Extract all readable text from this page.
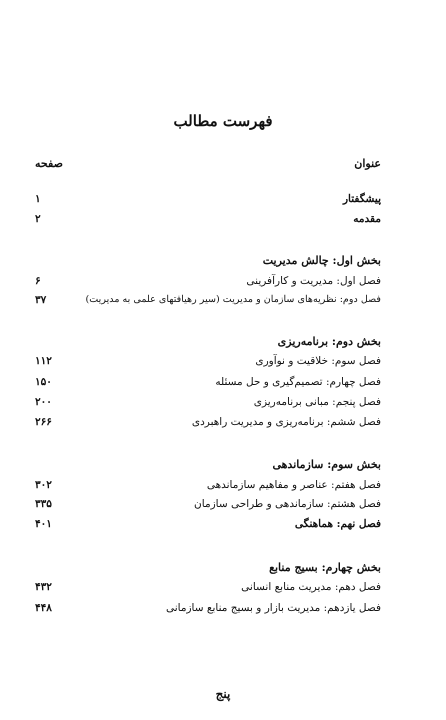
فهرست مطالب
عنوان
صفحه
پیشگفتار
۱
مقدمه
۲
بخش اول: چالش مدیریت
فصل اول: مدیریت و کارآفرینی
۶
فصل دوم: نظریه‌های سازمان و مدیریت (سیر رهیافتهای علمی به مدیریت)
۳۷
بخش دوم: برنامه‌ریزی
فصل سوم: خلاقیت و نوآوری
۱۱۲
فصل چهارم: تصمیم‌گیری و حل مسئله
۱۵۰
فصل پنجم: مبانی برنامه‌ریزی
۲۰۰
فصل ششم: برنامه‌ریزی و مدیریت راهبردی
۲۶۶
بخش سوم: سازماندهی
فصل هفتم: عناصر و مفاهیم سازماندهی
۳۰۲
فصل هشتم: سازماندهی و طراحی سازمان
۳۳۵
فصل نهم: هماهنگی
۴۰۱
بخش چهارم: بسیج منابع
فصل دهم: مدیریت منابع انسانی
۴۳۲
فصل یازدهم: مدیریت بازار و بسیج منابع سازمانی
۴۴۸
پنج
